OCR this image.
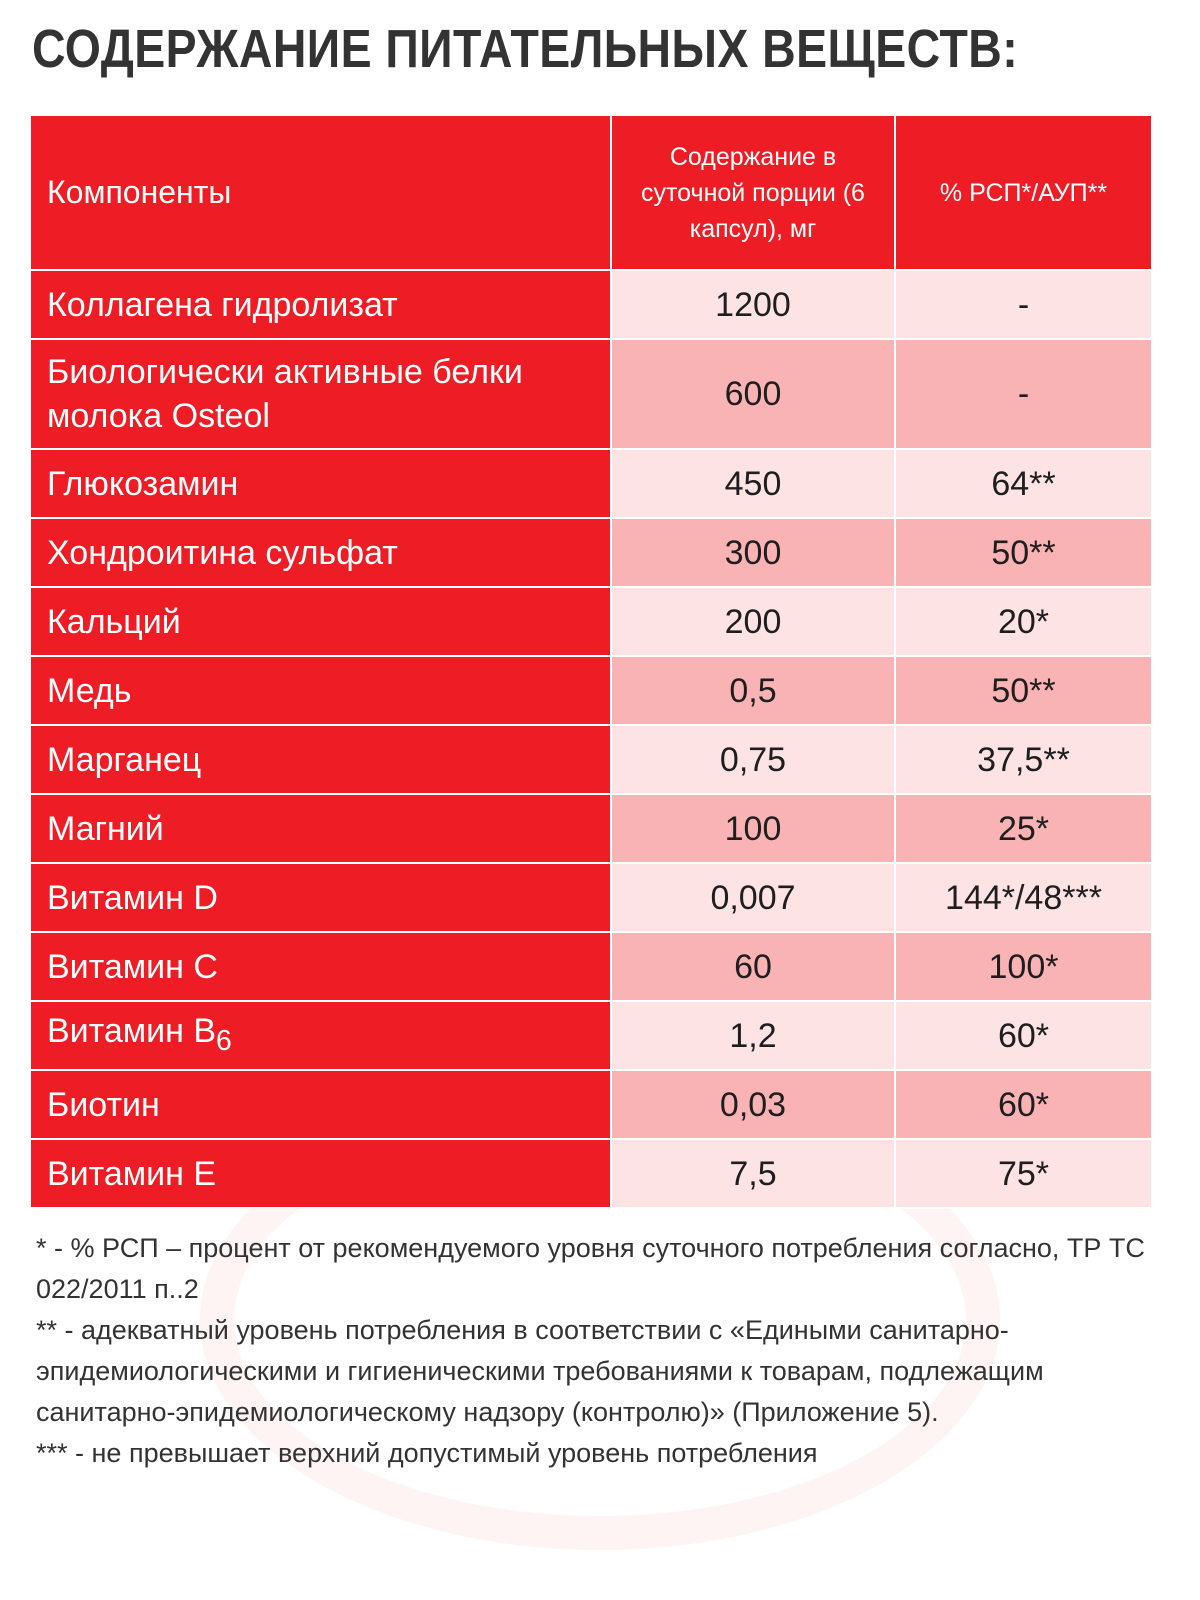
СОДЕРЖАНИЕ ПИТАТЕЛЬНЫХ ВЕЩЕСТВ:
Компоненты	Содержание в суточной порции (6 капсул), мг	% РСП*/АУП**
Коллагена гидролизат	1200	-
Биологически активные белки молока Osteol	600	-
Глюкозамин	450	64**
Хондроитина сульфат	300	50**
Кальций	200	20*
Медь	0,5	50**
Марганец	0,75	37,5**
Магний	100	25*
Витамин D	0,007	144*/48***
Витамин С	60	100*
Витамин $B_6$	1,2	60*
Биотин	0,03	60*
Витамин Е	7,5	75*

* - % РСП – процент от рекомендуемого уровня суточного потребления согласно, ТР ТС 022/2011 п..2

** - адекватный уровень потребления в соответствии с «Едиными санитарно-эпидемиологическими и гигиеническими требованиями к товарам, подлежащим санитарно-эпидемиологическому надзору (контролю)» (Приложение 5).

*** - не превышает верхний допустимый уровень потребления
